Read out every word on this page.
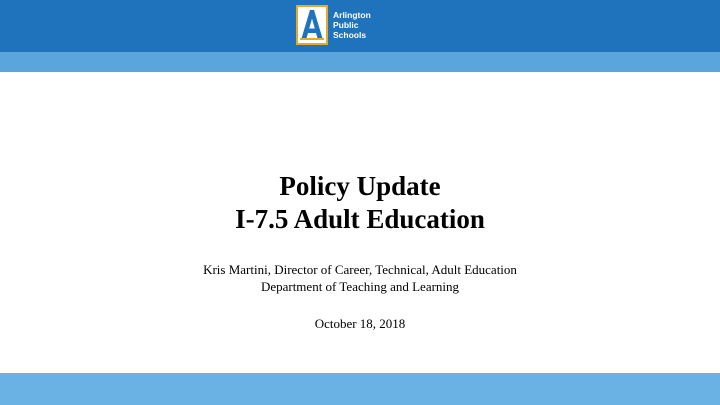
Arlington
Public
Schools

Policy Update

I-7.5 Adult Education

Kris Martini, Director of Career, Technical, Adult Education

Department of Teaching and Learning

October 18, 2018
